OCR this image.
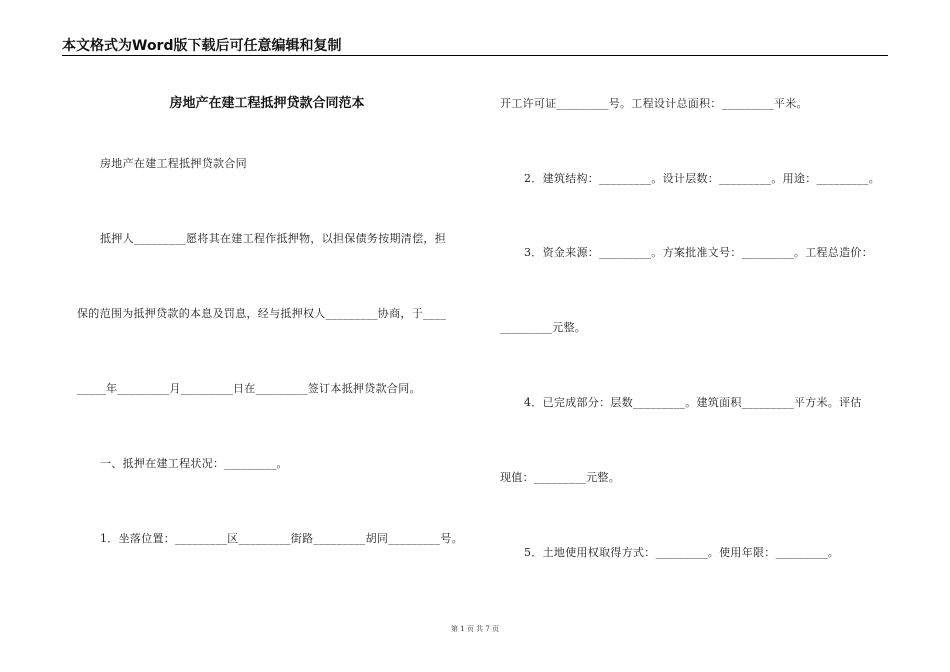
本文格式为Word版下载后可任意编辑和复制
房地产在建工程抵押贷款合同范本
房地产在建工程抵押贷款合同
抵押人_________愿将其在建工程作抵押物，以担保债务按期清偿，担
保的范围为抵押贷款的本息及罚息，经与抵押权人_________协商，于____
_____年_________月_________日在_________签订本抵押贷款合同。
一、抵押在建工程状况：_________。
1．坐落位置：_________区_________街路_________胡同_________号。
开工许可证_________号。工程设计总面积：_________平米。
2．建筑结构：_________。设计层数：_________。用途：_________。
3．资金来源：_________。方案批准文号：_________。工程总造价：
_________元整。
4．已完成部分：层数_________。建筑面积_________平方米。评估
现值：_________元整。
5．土地使用权取得方式：_________。使用年限：_________。
第 1 页 共 7 页
